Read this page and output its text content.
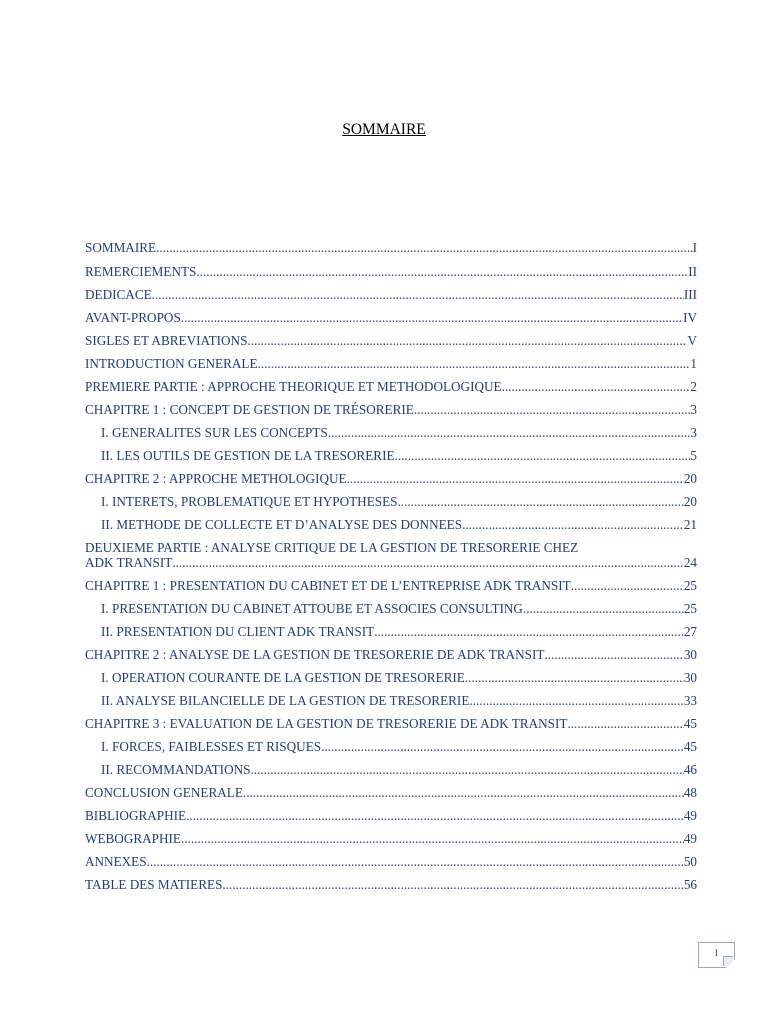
SOMMAIRE
SOMMAIRE .....	I
REMERCIEMENTS .....	II
DEDICACE .....	III
AVANT-PROPOS .....	IV
SIGLES ET ABREVIATIONS .....	V
INTRODUCTION GENERALE .....	1
PREMIERE PARTIE : APPROCHE THEORIQUE ET METHODOLOGIQUE .....	2
CHAPITRE 1 : CONCEPT DE GESTION DE TRÉSORERIE .....	3
I. GENERALITES SUR LES CONCEPTS .....	3
II. LES OUTILS DE GESTION DE LA TRESORERIE .....	5
CHAPITRE 2 : APPROCHE METHOLOGIQUE .....	20
I. INTERETS, PROBLEMATIQUE ET HYPOTHESES .....	20
II. METHODE DE COLLECTE ET D’ANALYSE DES DONNEES .....	21
DEUXIEME PARTIE : ANALYSE CRITIQUE DE LA GESTION DE TRESORERIE CHEZ
ADK TRANSIT .....	24
CHAPITRE 1 : PRESENTATION DU CABINET ET DE L’ENTREPRISE ADK TRANSIT .....	25
I. PRESENTATION DU CABINET ATTOUBE ET ASSOCIES CONSULTING .....	25
II. PRESENTATION DU CLIENT ADK TRANSIT .....	27
CHAPITRE 2 : ANALYSE DE LA GESTION DE TRESORERIE DE ADK TRANSIT .....	30
I. OPERATION COURANTE DE LA GESTION DE TRESORERIE .....	30
II. ANALYSE BILANCIELLE DE LA GESTION DE TRESORERIE .....	33
CHAPITRE 3 : EVALUATION DE LA GESTION DE TRESORERIE DE ADK TRANSIT .....	45
I. FORCES, FAIBLESSES ET RISQUES .....	45
II. RECOMMANDATIONS .....	46
CONCLUSION GENERALE .....	48
BIBLIOGRAPHIE .....	49
WEBOGRAPHIE .....	49
ANNEXES .....	50
TABLE DES MATIERES .....	56
I
